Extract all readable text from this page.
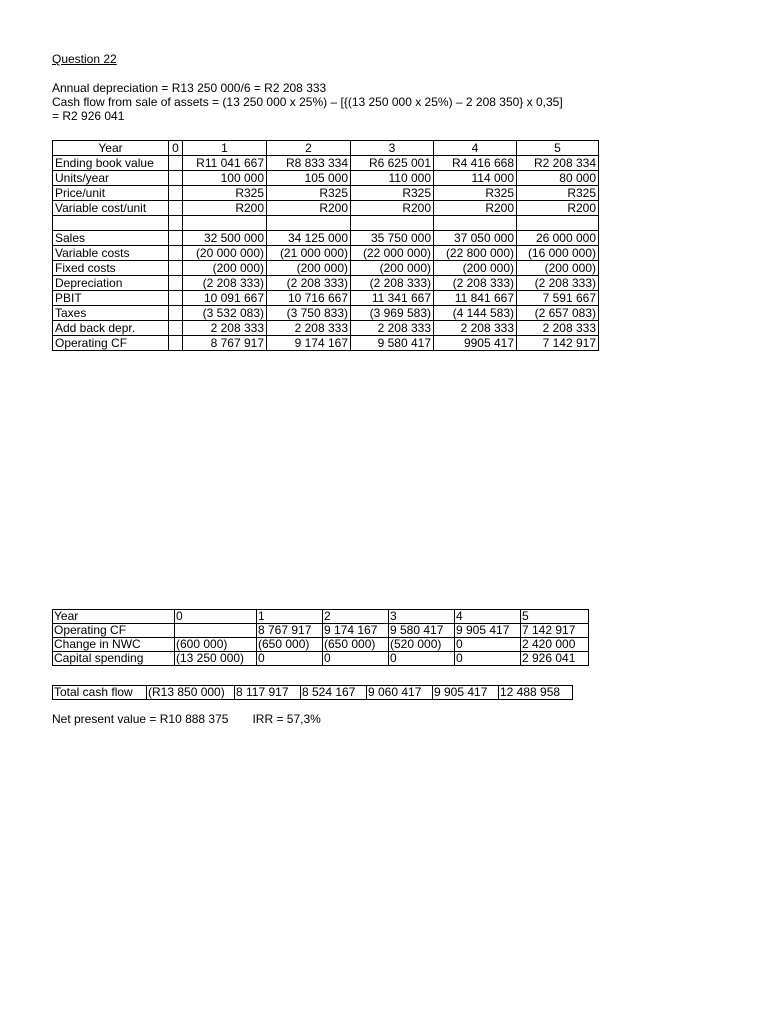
Question 22
Annual depreciation = R13 250 000/6 = R2 208 333
Cash flow from sale of assets = (13 250 000 x 25%) – [{(13 250 000 x 25%) – 2 208 350} x 0,35]
= R2 926 041
Year	0	1	2	3	4	5
Ending book value		R11 041 667	R8 833 334	R6 625 001	R4 416 668	R2 208 334
Units/year		100 000	105 000	110 000	114 000	80 000
Price/unit		R325	R325	R325	R325	R325
Variable cost/unit		R200	R200	R200	R200	R200

Sales		32 500 000	34 125 000	35 750 000	37 050 000	26 000 000
Variable costs		(20 000 000)	(21 000 000)	(22 000 000)	(22 800 000)	(16 000 000)
Fixed costs		(200 000)	(200 000)	(200 000)	(200 000)	(200 000)
Depreciation		(2 208 333)	(2 208 333)	(2 208 333)	(2 208 333)	(2 208 333)
PBIT		10 091 667	10 716 667	11 341 667	11 841 667	7 591 667
Taxes		(3 532 083)	(3 750 833)	(3 969 583)	(4 144 583)	(2 657 083)
Add back depr.		2 208 333	2 208 333	2 208 333	2 208 333	2 208 333
Operating CF		8 767 917	9 174 167	9 580 417	9905 417	7 142 917
Year	0	1	2	3	4	5
Operating CF		8 767 917	9 174 167	9 580 417	9 905 417	7 142 917
Change in NWC	(600 000)	(650 000)	(650 000)	(520 000)	0	2 420 000
Capital spending	(13 250 000)	0	0	0	0	2 926 041
Total cash flow	(R13 850 000)	8 117 917	8 524 167	9 060 417	9 905 417	12 488 958
Net present value = R10 888 375 IRR = 57,3%
